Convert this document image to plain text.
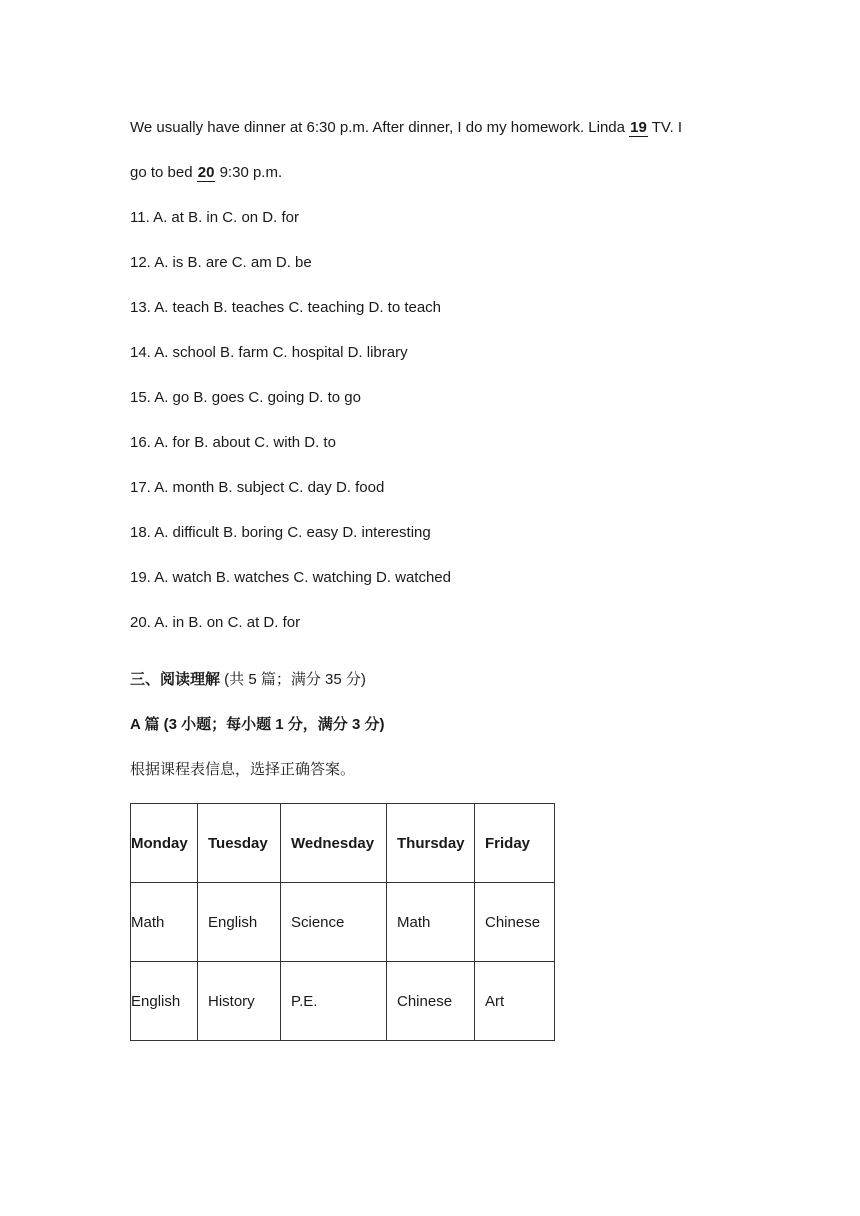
We usually have dinner at 6:30 p.m. After dinner, I do my homework. Linda 19 TV. I
go to bed 20 9:30 p.m.
11. A. at B. in C. on D. for
12. A. is B. are C. am D. be
13. A. teach B. teaches C. teaching D. to teach
14. A. school B. farm C. hospital D. library
15. A. go B. goes C. going D. to go
16. A. for B. about C. with D. to
17. A. month B. subject C. day D. food
18. A. difficult B. boring C. easy D. interesting
19. A. watch B. watches C. watching D. watched
20. A. in B. on C. at D. for
三、阅读理解 (共 5 篇；满分 35 分)
A 篇 (3 小题；每小题 1 分，满分 3 分)
根据课程表信息，选择正确答案。
Monday	Tuesday	Wednesday	Thursday	Friday

Math	English	Science	Math	Chinese

English	History	P.E.	Chinese	Art
